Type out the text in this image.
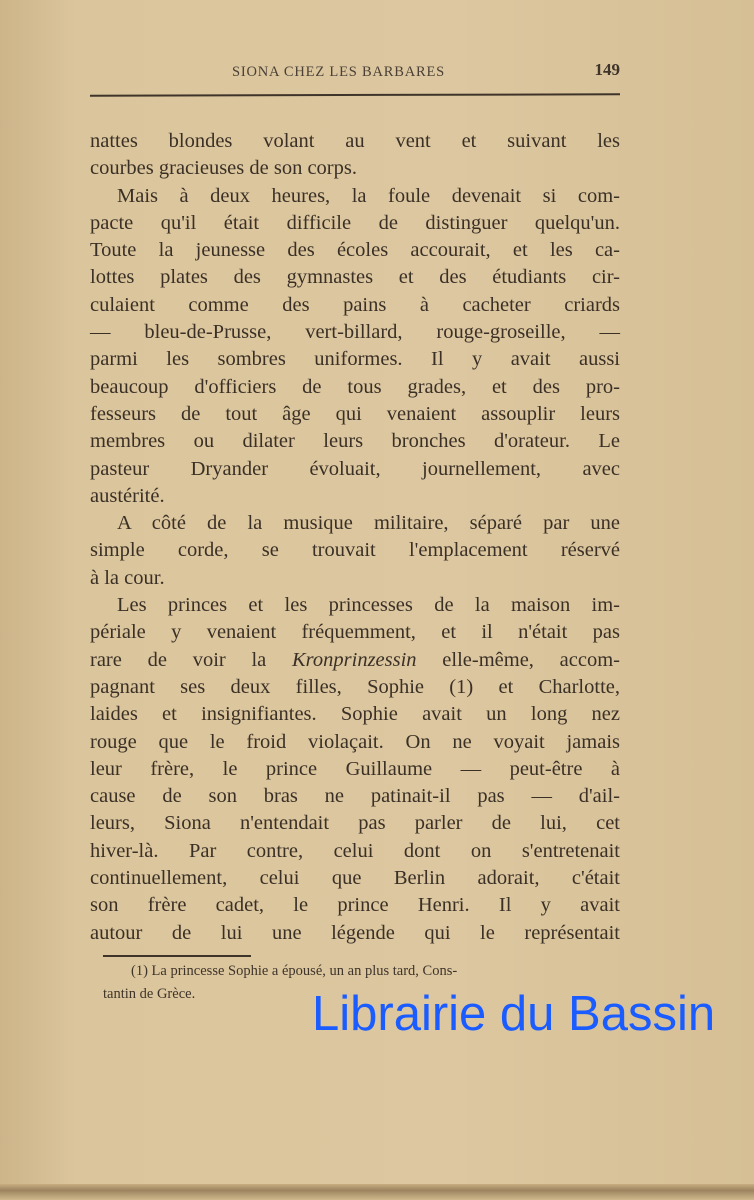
SIONA CHEZ LES BARBARES	149
nattes blondes volant au vent et suivant les
courbes gracieuses de son corps.
Mais à deux heures, la foule devenait si com-
pacte qu'il était difficile de distinguer quelqu'un.
Toute la jeunesse des écoles accourait, et les ca-
lottes plates des gymnastes et des étudiants cir-
culaient comme des pains à cacheter criards
— bleu-de-Prusse, vert-billard, rouge-groseille, —
parmi les sombres uniformes. Il y avait aussi
beaucoup d'officiers de tous grades, et des pro-
fesseurs de tout âge qui venaient assouplir leurs
membres ou dilater leurs bronches d'orateur. Le
pasteur Dryander évoluait, journellement, avec
austérité.
A côté de la musique militaire, séparé par une
simple corde, se trouvait l'emplacement réservé
à la cour.
Les princes et les princesses de la maison im-
périale y venaient fréquemment, et il n'était pas
rare de voir la Kronprinzessin elle-même, accom-
pagnant ses deux filles, Sophie (1) et Charlotte,
laides et insignifiantes. Sophie avait un long nez
rouge que le froid violaçait. On ne voyait jamais
leur frère, le prince Guillaume — peut-être à
cause de son bras ne patinait-il pas — d'ail-
leurs, Siona n'entendait pas parler de lui, cet
hiver-là. Par contre, celui dont on s'entretenait
continuellement, celui que Berlin adorait, c'était
son frère cadet, le prince Henri. Il y avait
autour de lui une légende qui le représentait
(1) La princesse Sophie a épousé, un an plus tard, Cons-
tantin de Grèce.	Librairie du Bassin
